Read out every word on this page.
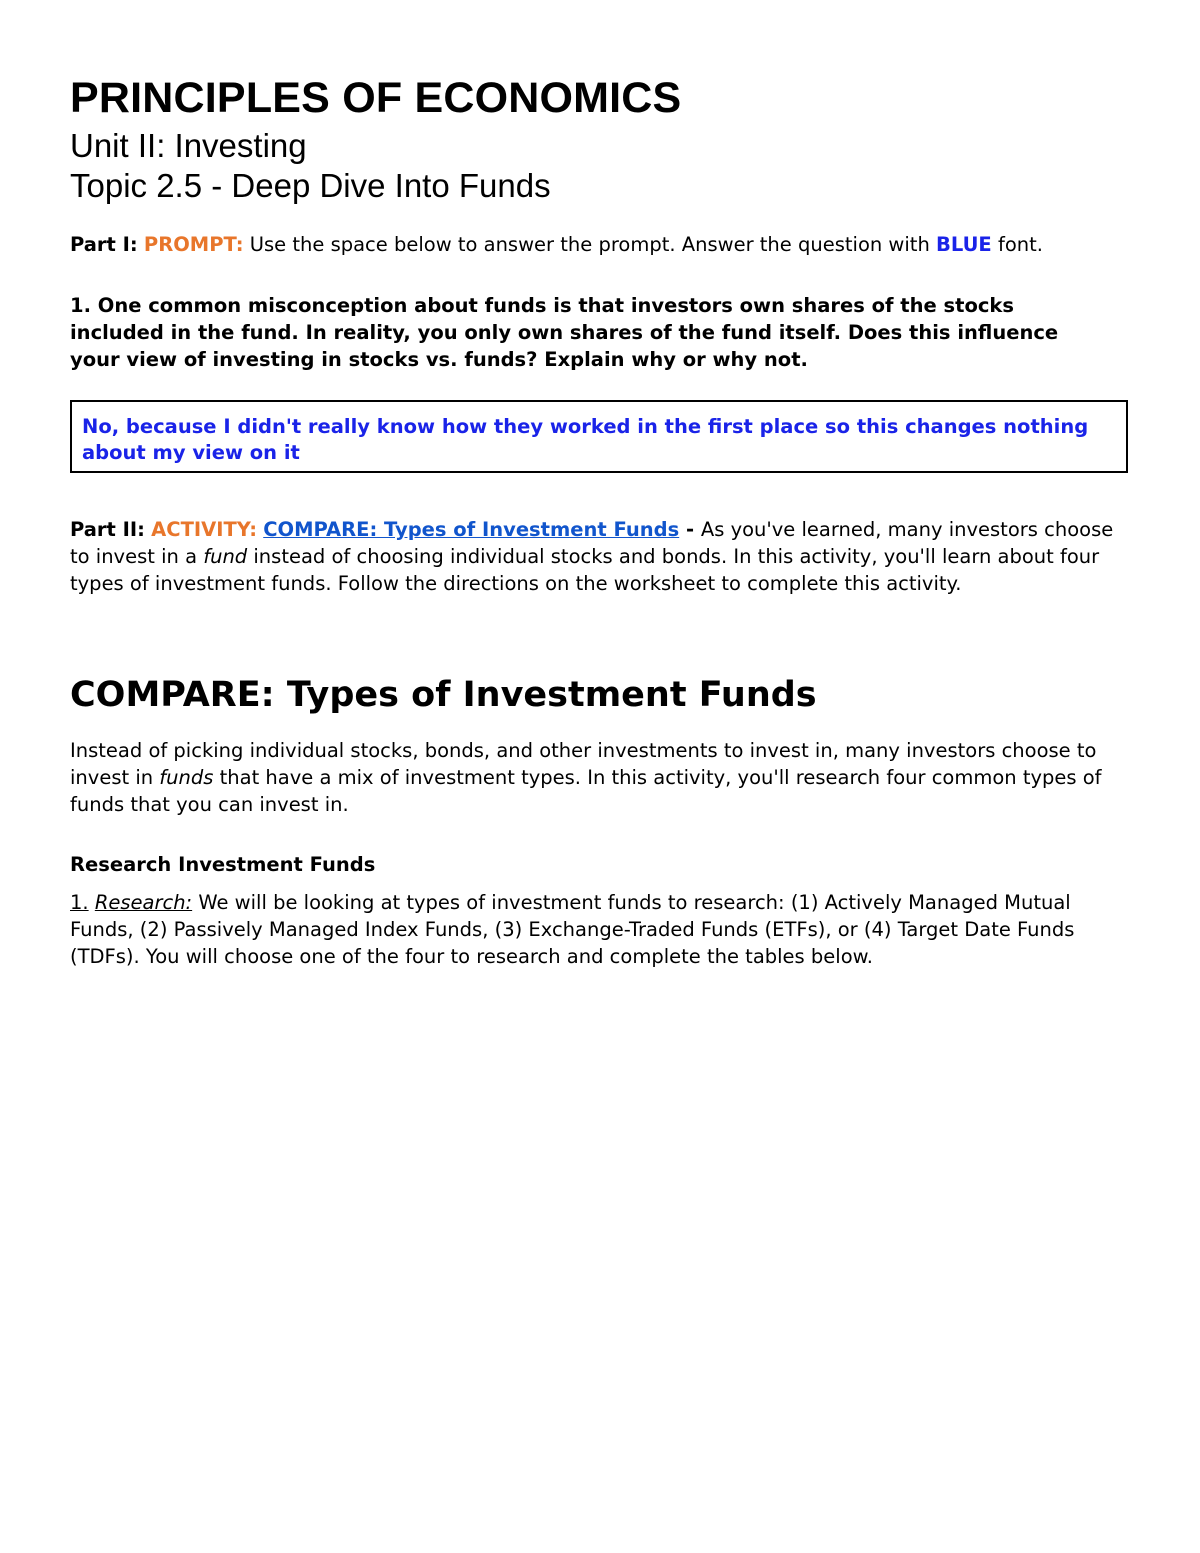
PRINCIPLES OF ECONOMICS
Unit II: Investing
Topic 2.5 - Deep Dive Into Funds

Part I: PROMPT: Use the space below to answer the prompt. Answer the question with BLUE font.

1. One common misconception about funds is that investors own shares of the stocks included in the fund. In reality, you only own shares of the fund itself. Does this influence your view of investing in stocks vs. funds? Explain why or why not.

No, because I didn't really know how they worked in the first place so this changes nothing about my view on it

Part II: ACTIVITY: COMPARE: Types of Investment Funds - As you've learned, many investors choose to invest in a fund instead of choosing individual stocks and bonds. In this activity, you'll learn about four types of investment funds. Follow the directions on the worksheet to complete this activity.

COMPARE: Types of Investment Funds

Instead of picking individual stocks, bonds, and other investments to invest in, many investors choose to invest in funds that have a mix of investment types. In this activity, you'll research four common types of funds that you can invest in.

Research Investment Funds

1. Research: We will be looking at types of investment funds to research: (1) Actively Managed Mutual Funds, (2) Passively Managed Index Funds, (3) Exchange-Traded Funds (ETFs), or (4) Target Date Funds (TDFs). You will choose one of the four to research and complete the tables below.
